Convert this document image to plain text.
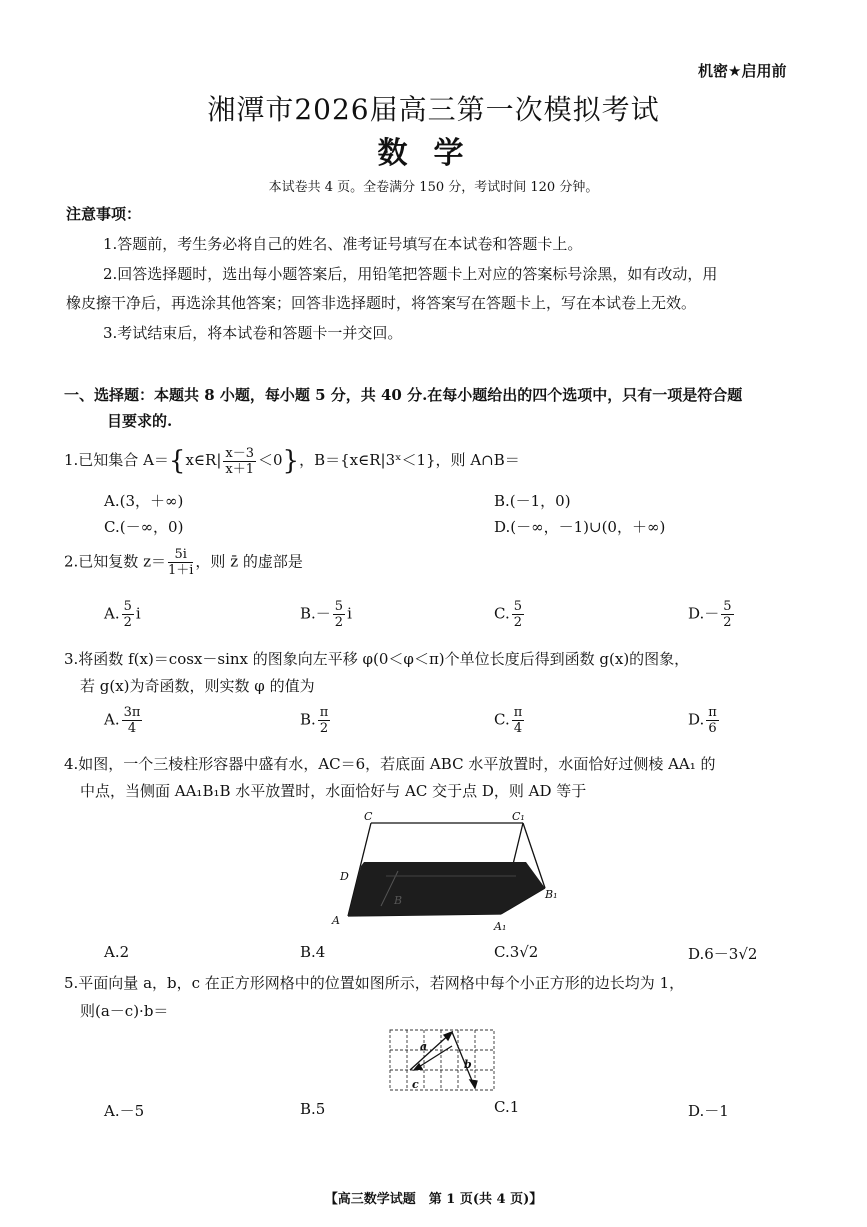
机密★启用前
湘潭市2026届高三第一次模拟考试
数学
本试卷共 4 页。全卷满分 150 分，考试时间 120 分钟。
注意事项：
1.答题前，考生务必将自己的姓名、准考证号填写在本试卷和答题卡上。
2.回答选择题时，选出每小题答案后，用铅笔把答题卡上对应的答案标号涂黑，如有改动，用
橡皮擦干净后，再选涂其他答案；回答非选择题时，将答案写在答题卡上，写在本试卷上无效。
3.考试结束后，将本试卷和答题卡一并交回。
一、选择题：本题共 8 小题，每小题 5 分，共 40 分.在每小题给出的四个选项中，只有一项是符合题
目要求的.
1.已知集合 A＝{x∈R| $\frac{x-3}{x+1} <0$}，B＝{x∈R|3ˣ＜1}，则 A∩B＝
A.(3，＋∞)	B.(－1，0)
C.(－∞，0)	D.(－∞，－1)∪(0，＋∞)
2.已知复数 $z= \frac{5i}{1+i}$ ，则 z̄ 的虚部是
A. $\frac{5}{2}$ i	$B.- \frac{5}{2}$ i	C. $\frac{5}{2}$	$D.- \frac{5}{2}$
3.将函数 f(x)＝cosx－sinx 的图象向左平移 φ(0＜φ＜π)个单位长度后得到函数 g(x)的图象，
若 g(x)为奇函数，则实数 φ 的值为
A. $\frac{3\pi}{4}$	B. $\frac{\pi}{2}$	C. $\frac{\pi}{4}$	D. $\frac{\pi}{6}$
4.如图，一个三棱柱形容器中盛有水，AC＝6，若底面 ABC 水平放置时，水面恰好过侧棱 AA₁ 的
中点，当侧面 AA₁B₁B 水平放置时，水面恰好与 AC 交于点 D，则 AD 等于
C	C₁
D
A	A₁
B₁
B
A.2	B.4	C.3√2	D.6－3√2
5.平面向量 a，b，c 在正方形网格中的位置如图所示，若网格中每个小正方形的边长均为 1，
则(a－c)·b＝
a
b
c
A.－5	B.5	C.1	D.－1
【高三数学试题　第 1 页(共 4 页)】
